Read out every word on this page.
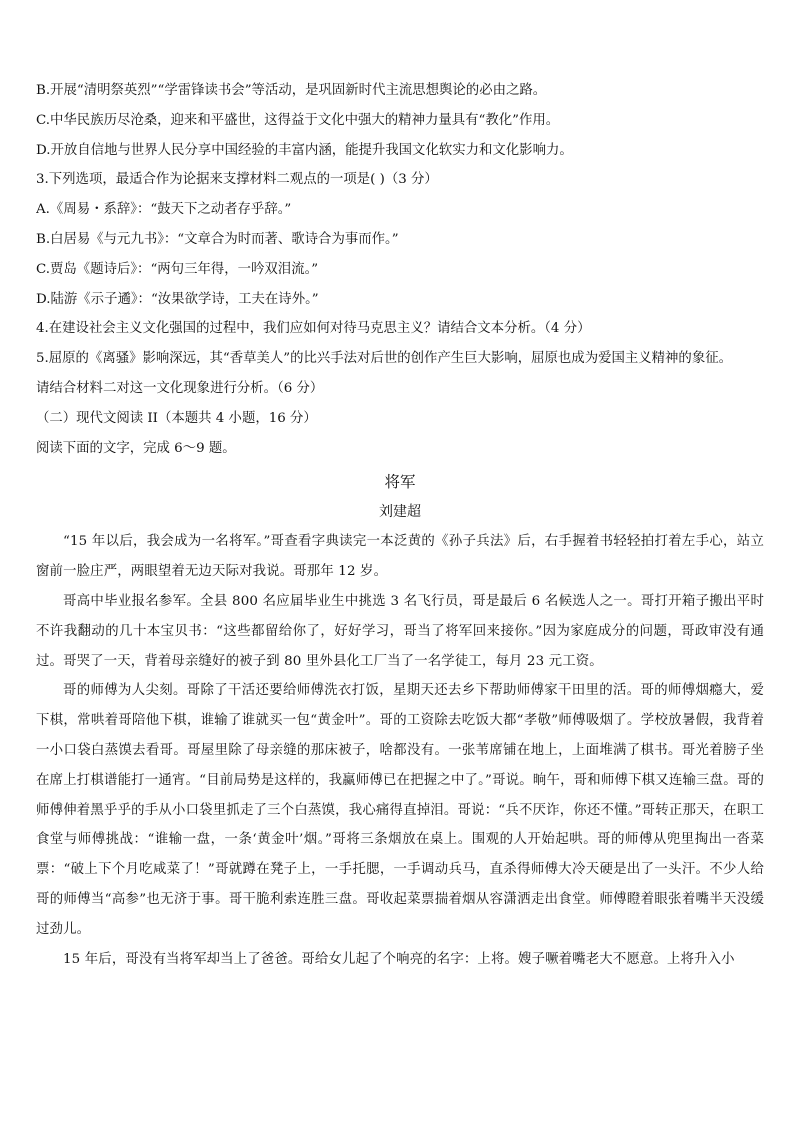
B.开展“清明祭英烈”“学雷锋读书会”等活动，是巩固新时代主流思想舆论的必由之路。
C.中华民族历尽沧桑，迎来和平盛世，这得益于文化中强大的精神力量具有“教化”作用。
D.开放自信地与世界人民分享中国经验的丰富内涵，能提升我国文化软实力和文化影响力。
3.下列选项，最适合作为论据来支撑材料二观点的一项是( )（3 分）
A.《周易・系辞》：“鼓天下之动者存乎辞。”
B.白居易《与元九书》：“文章合为时而著、歌诗合为事而作。”
C.贾岛《题诗后》：“两句三年得，一吟双泪流。”
D.陆游《示子遹》：“汝果欲学诗，工夫在诗外。”
4.在建设社会主义文化强国的过程中，我们应如何对待马克思主义？请结合文本分析。（4 分）
5.屈原的《离骚》影响深远，其“香草美人”的比兴手法对后世的创作产生巨大影响，屈原也成为爱国主义精神的象征。
请结合材料二对这一文化现象进行分析。（6 分）
（二）现代文阅读 II（本题共 4 小题，16 分）
阅读下面的文字，完成 6～9 题。
将军
刘建超
“15 年以后，我会成为一名将军。”哥查看字典读完一本泛黄的《孙子兵法》后，右手握着书轻轻拍打着左手心，站立窗前一脸庄严，两眼望着无边天际对我说。哥那年 12 岁。
哥高中毕业报名参军。全县 800 名应届毕业生中挑选 3 名飞行员，哥是最后 6 名候选人之一。哥打开箱子搬出平时不许我翻动的几十本宝贝书：“这些都留给你了，好好学习，哥当了将军回来接你。”因为家庭成分的问题，哥政审没有通过。哥哭了一天，背着母亲缝好的被子到 80 里外县化工厂当了一名学徒工，每月 23 元工资。
哥的师傅为人尖刻。哥除了干活还要给师傅洗衣打饭，星期天还去乡下帮助师傅家干田里的活。哥的师傅烟瘾大，爱下棋，常哄着哥陪他下棋，谁输了谁就买一包“黄金叶”。哥的工资除去吃饭大都“孝敬”师傅吸烟了。学校放暑假，我背着一小口袋白蒸馍去看哥。哥屋里除了母亲缝的那床被子，啥都没有。一张苇席铺在地上，上面堆满了棋书。哥光着膀子坐在席上打棋谱能打一通宵。“目前局势是这样的，我赢师傅已在把握之中了。”哥说。晌午，哥和师傅下棋又连输三盘。哥的师傅伸着黑乎乎的手从小口袋里抓走了三个白蒸馍，我心痛得直掉泪。哥说：“兵不厌诈，你还不懂。”哥转正那天，在职工食堂与师傅挑战：“谁输一盘，一条‘黄金叶’烟。”哥将三条烟放在桌上。围观的人开始起哄。哥的师傅从兜里掏出一沓菜票：“破上下个月吃咸菜了！”哥就蹲在凳子上，一手托腮，一手调动兵马，直杀得师傅大冷天硬是出了一头汗。不少人给哥的师傅当“高参”也无济于事。哥干脆利索连胜三盘。哥收起菜票揣着烟从容潇洒走出食堂。师傅瞪着眼张着嘴半天没缓过劲儿。
15 年后，哥没有当将军却当上了爸爸。哥给女儿起了个响亮的名字：上将。嫂子噘着嘴老大不愿意。上将升入小
